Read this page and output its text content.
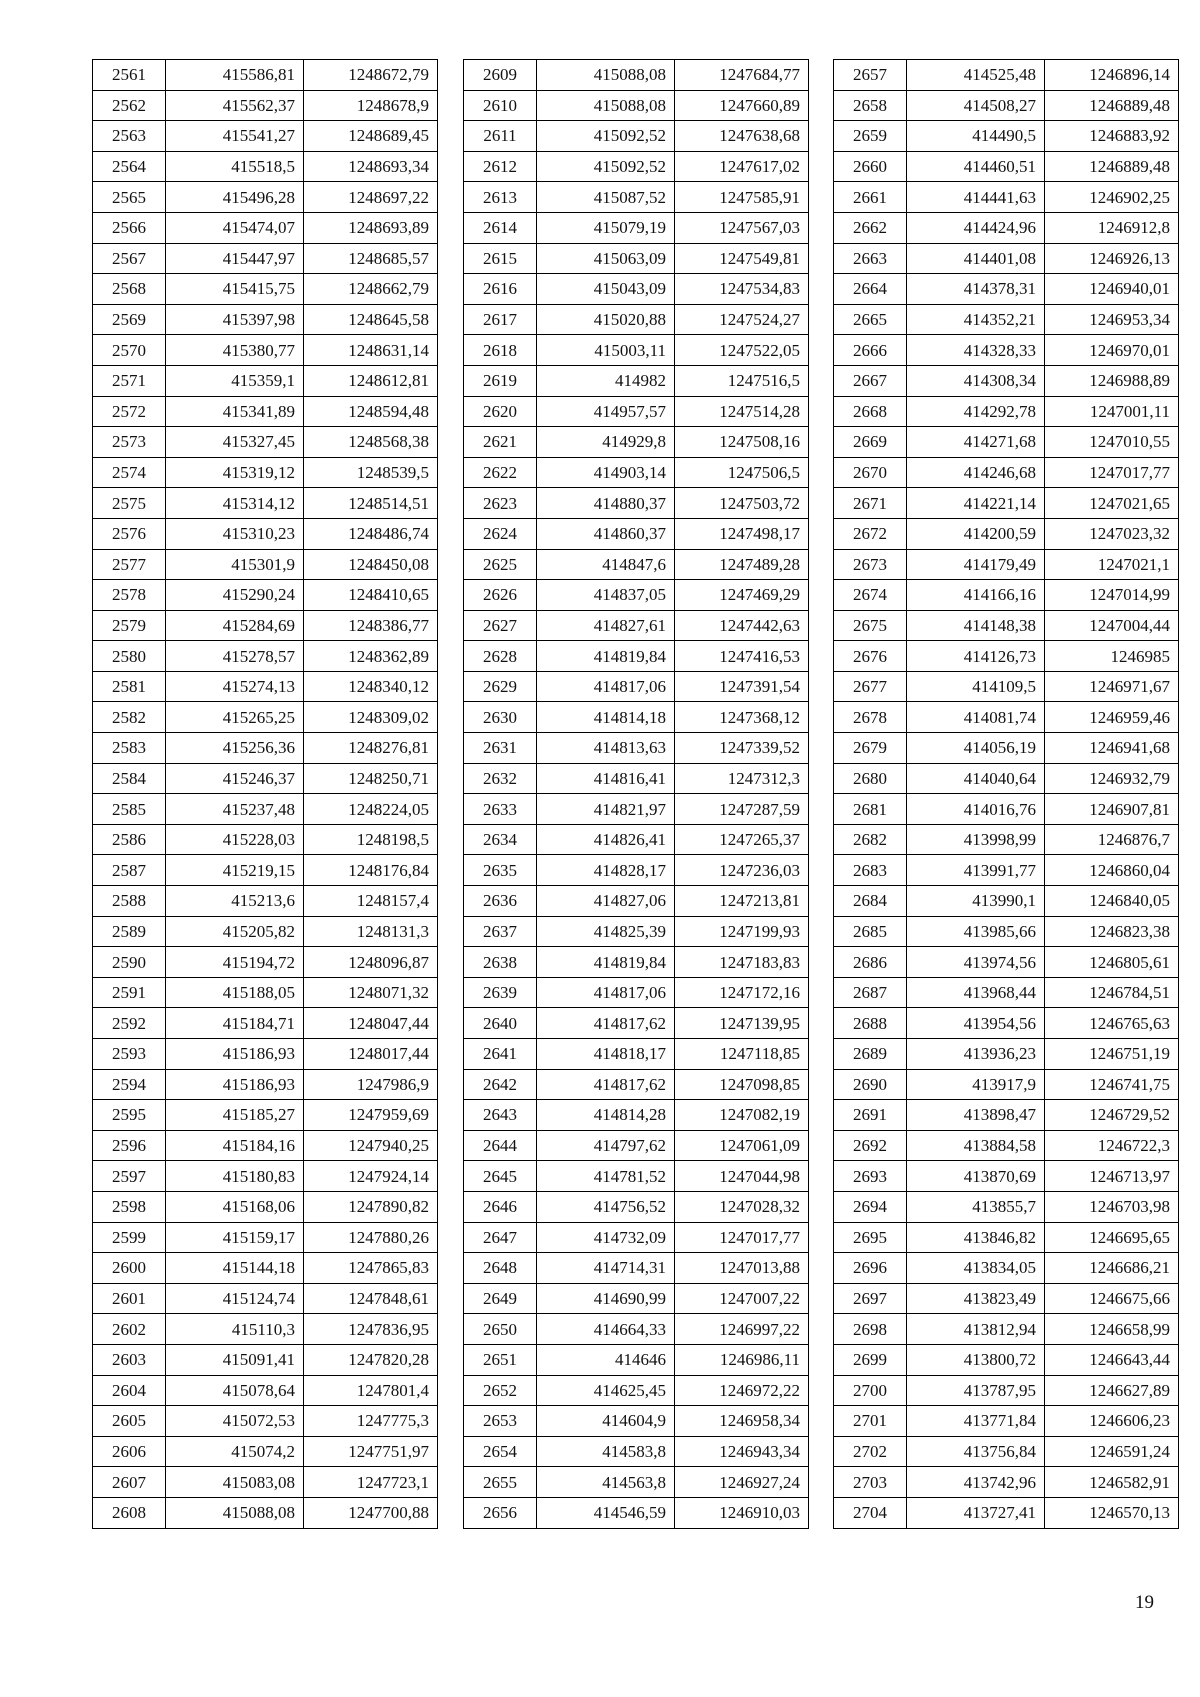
2561	415586,81	1248672,79
2562	415562,37	1248678,9
2563	415541,27	1248689,45
2564	415518,5	1248693,34
2565	415496,28	1248697,22
2566	415474,07	1248693,89
2567	415447,97	1248685,57
2568	415415,75	1248662,79
2569	415397,98	1248645,58
2570	415380,77	1248631,14
2571	415359,1	1248612,81
2572	415341,89	1248594,48
2573	415327,45	1248568,38
2574	415319,12	1248539,5
2575	415314,12	1248514,51
2576	415310,23	1248486,74
2577	415301,9	1248450,08
2578	415290,24	1248410,65
2579	415284,69	1248386,77
2580	415278,57	1248362,89
2581	415274,13	1248340,12
2582	415265,25	1248309,02
2583	415256,36	1248276,81
2584	415246,37	1248250,71
2585	415237,48	1248224,05
2586	415228,03	1248198,5
2587	415219,15	1248176,84
2588	415213,6	1248157,4
2589	415205,82	1248131,3
2590	415194,72	1248096,87
2591	415188,05	1248071,32
2592	415184,71	1248047,44
2593	415186,93	1248017,44
2594	415186,93	1247986,9
2595	415185,27	1247959,69
2596	415184,16	1247940,25
2597	415180,83	1247924,14
2598	415168,06	1247890,82
2599	415159,17	1247880,26
2600	415144,18	1247865,83
2601	415124,74	1247848,61
2602	415110,3	1247836,95
2603	415091,41	1247820,28
2604	415078,64	1247801,4
2605	415072,53	1247775,3
2606	415074,2	1247751,97
2607	415083,08	1247723,1
2608	415088,08	1247700,88
2609	415088,08	1247684,77
2610	415088,08	1247660,89
2611	415092,52	1247638,68
2612	415092,52	1247617,02
2613	415087,52	1247585,91
2614	415079,19	1247567,03
2615	415063,09	1247549,81
2616	415043,09	1247534,83
2617	415020,88	1247524,27
2618	415003,11	1247522,05
2619	414982	1247516,5
2620	414957,57	1247514,28
2621	414929,8	1247508,16
2622	414903,14	1247506,5
2623	414880,37	1247503,72
2624	414860,37	1247498,17
2625	414847,6	1247489,28
2626	414837,05	1247469,29
2627	414827,61	1247442,63
2628	414819,84	1247416,53
2629	414817,06	1247391,54
2630	414814,18	1247368,12
2631	414813,63	1247339,52
2632	414816,41	1247312,3
2633	414821,97	1247287,59
2634	414826,41	1247265,37
2635	414828,17	1247236,03
2636	414827,06	1247213,81
2637	414825,39	1247199,93
2638	414819,84	1247183,83
2639	414817,06	1247172,16
2640	414817,62	1247139,95
2641	414818,17	1247118,85
2642	414817,62	1247098,85
2643	414814,28	1247082,19
2644	414797,62	1247061,09
2645	414781,52	1247044,98
2646	414756,52	1247028,32
2647	414732,09	1247017,77
2648	414714,31	1247013,88
2649	414690,99	1247007,22
2650	414664,33	1246997,22
2651	414646	1246986,11
2652	414625,45	1246972,22
2653	414604,9	1246958,34
2654	414583,8	1246943,34
2655	414563,8	1246927,24
2656	414546,59	1246910,03
2657	414525,48	1246896,14
2658	414508,27	1246889,48
2659	414490,5	1246883,92
2660	414460,51	1246889,48
2661	414441,63	1246902,25
2662	414424,96	1246912,8
2663	414401,08	1246926,13
2664	414378,31	1246940,01
2665	414352,21	1246953,34
2666	414328,33	1246970,01
2667	414308,34	1246988,89
2668	414292,78	1247001,11
2669	414271,68	1247010,55
2670	414246,68	1247017,77
2671	414221,14	1247021,65
2672	414200,59	1247023,32
2673	414179,49	1247021,1
2674	414166,16	1247014,99
2675	414148,38	1247004,44
2676	414126,73	1246985
2677	414109,5	1246971,67
2678	414081,74	1246959,46
2679	414056,19	1246941,68
2680	414040,64	1246932,79
2681	414016,76	1246907,81
2682	413998,99	1246876,7
2683	413991,77	1246860,04
2684	413990,1	1246840,05
2685	413985,66	1246823,38
2686	413974,56	1246805,61
2687	413968,44	1246784,51
2688	413954,56	1246765,63
2689	413936,23	1246751,19
2690	413917,9	1246741,75
2691	413898,47	1246729,52
2692	413884,58	1246722,3
2693	413870,69	1246713,97
2694	413855,7	1246703,98
2695	413846,82	1246695,65
2696	413834,05	1246686,21
2697	413823,49	1246675,66
2698	413812,94	1246658,99
2699	413800,72	1246643,44
2700	413787,95	1246627,89
2701	413771,84	1246606,23
2702	413756,84	1246591,24
2703	413742,96	1246582,91
2704	413727,41	1246570,13
19
